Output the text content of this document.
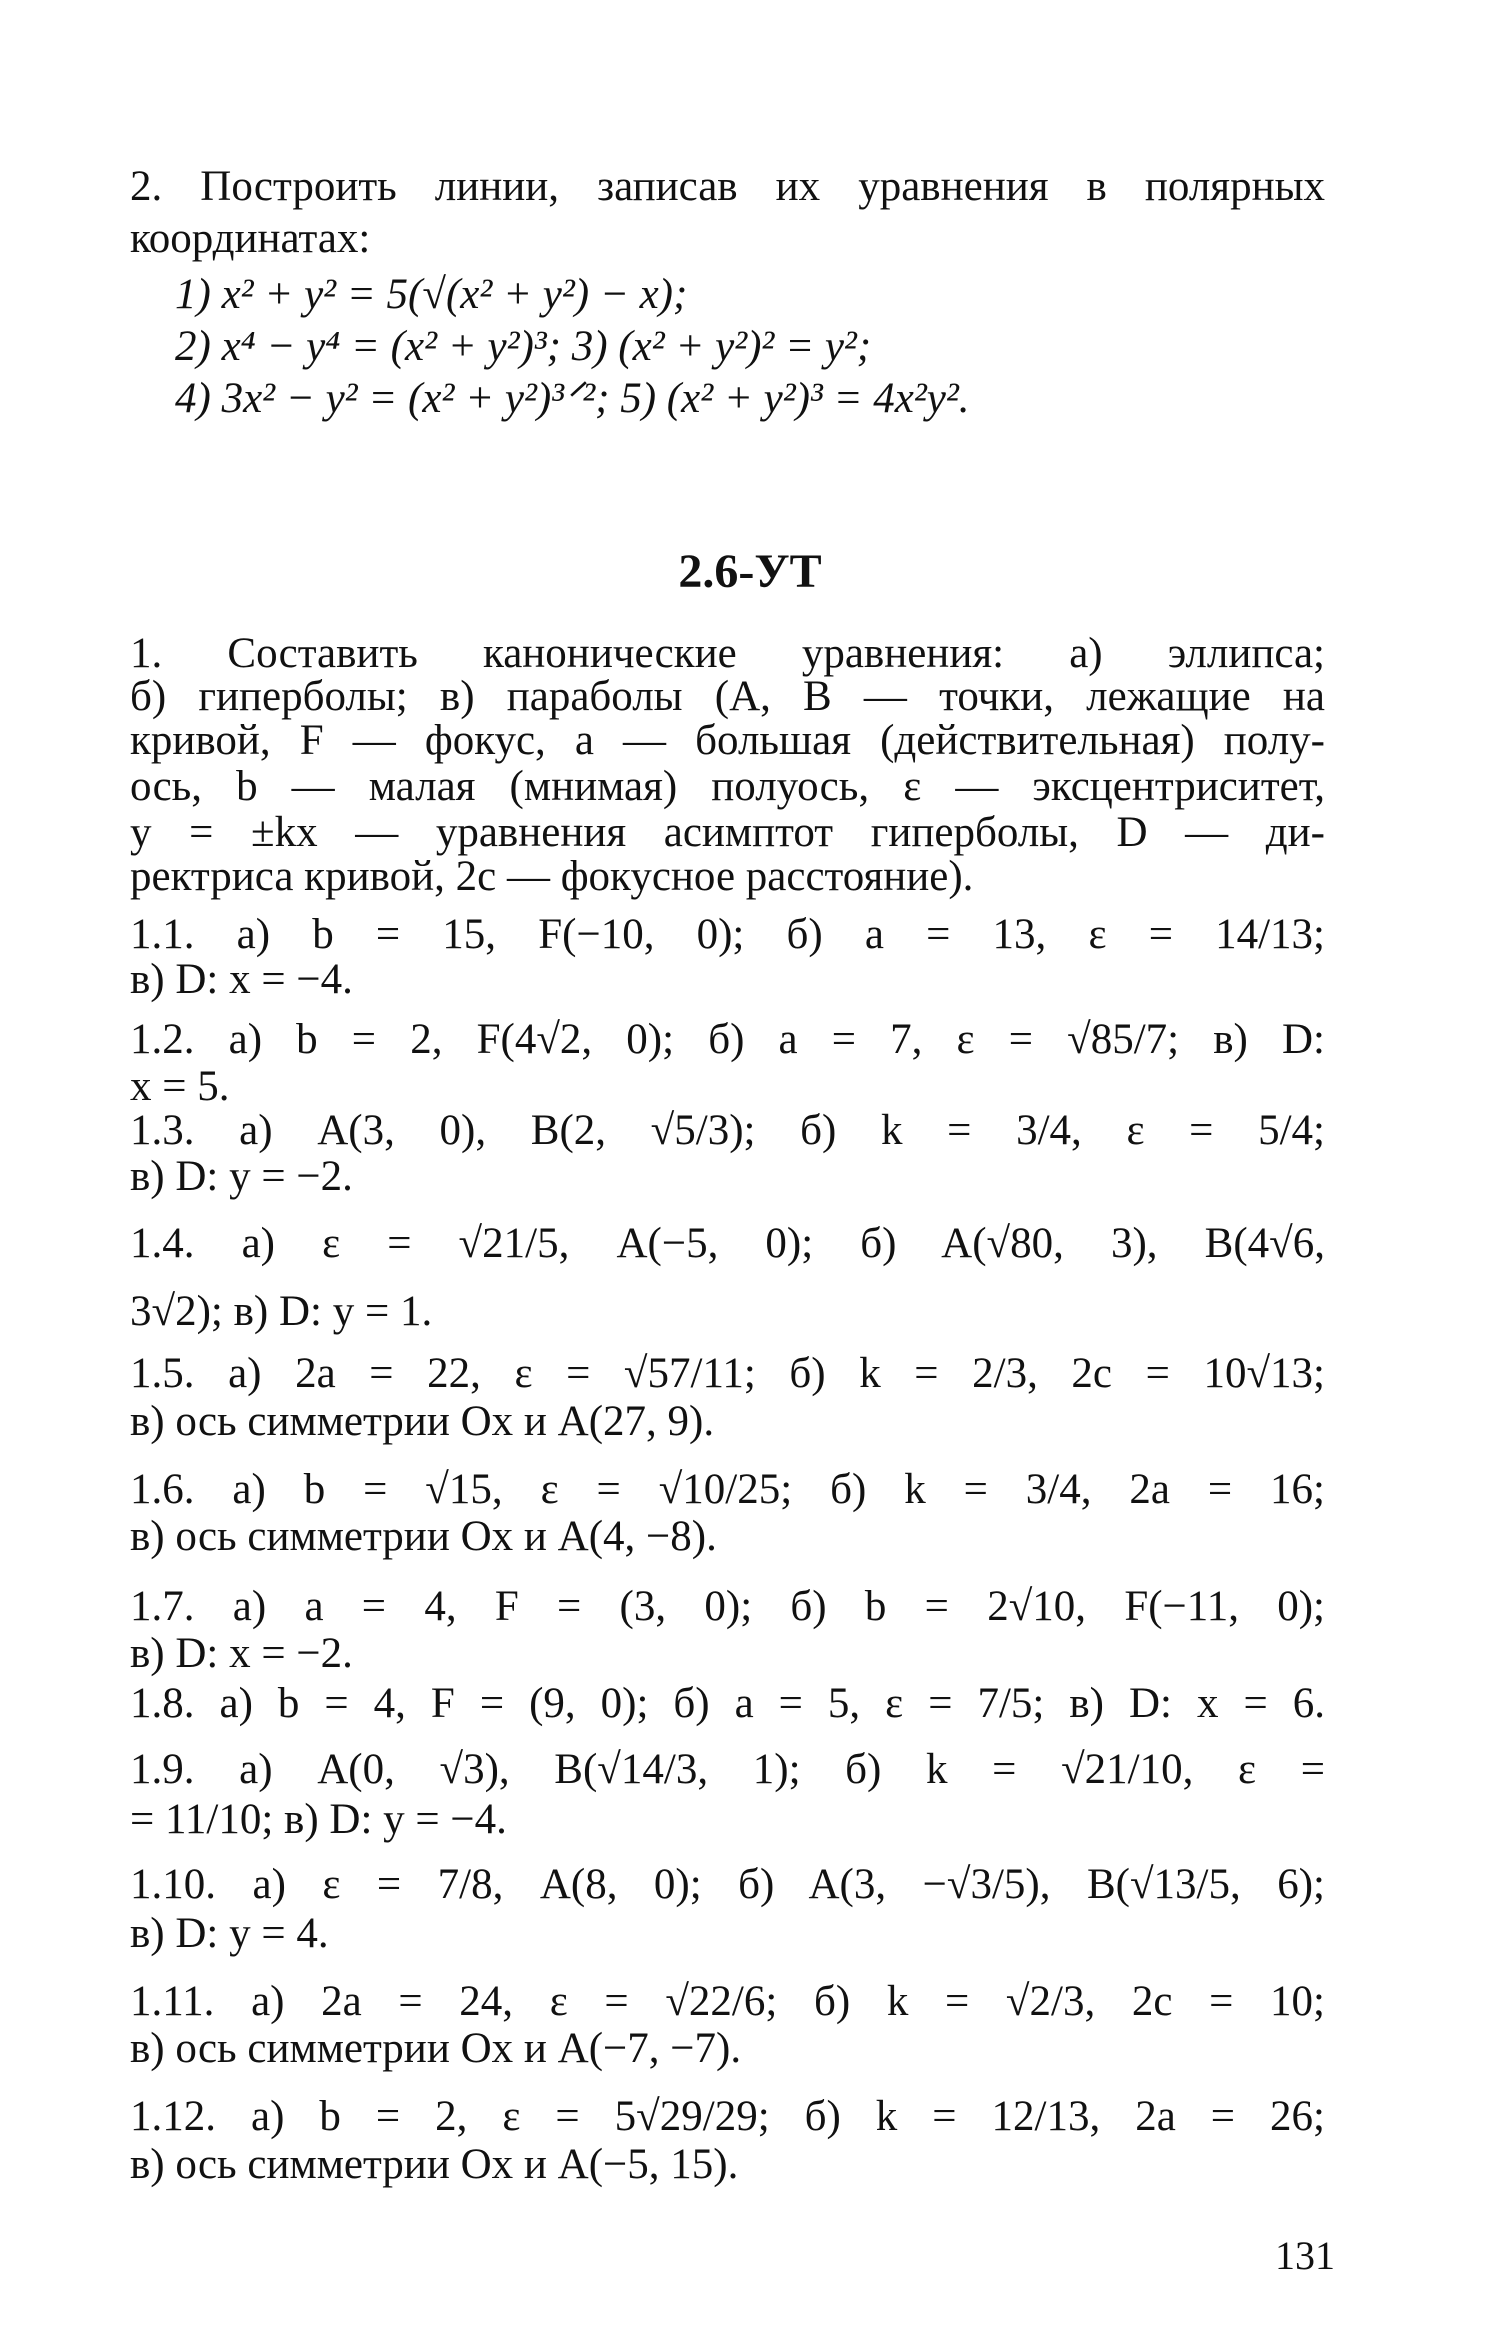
2. Построить линии, записав их уравнения в полярных
координатах:
1) x² + y² = 5(√(x² + y²) − x);
2) x⁴ − y⁴ = (x² + y²)³; 3) (x² + y²)² = y²;
4) 3x² − y² = (x² + y²)³ᐟ²; 5) (x² + y²)³ = 4x²y².
2.6-УТ
1. Составить канонические уравнения: а) эллипса;
б) гиперболы; в) параболы (A, B — точки, лежащие на
кривой, F — фокус, a — большая (действительная) полу-
ось, b — малая (мнимая) полуось, ε — эксцентриситет,
y = ±kx — уравнения асимптот гиперболы, D — ди-
ректриса кривой, 2c — фокусное расстояние).
1.1. а) b = 15, F(−10, 0); б) a = 13, ε = 14/13;
в) D: x = −4.
1.2. а) b = 2, F(4√2, 0); б) a = 7, ε = √85/7; в) D:
x = 5.
1.3. а) A(3, 0), B(2, √5/3); б) k = 3/4, ε = 5/4;
в) D: y = −2.
1.4. а) ε = √21/5, A(−5, 0); б) A(√80, 3), B(4√6,
3√2); в) D: y = 1.
1.5. а) 2a = 22, ε = √57/11; б) k = 2/3, 2c = 10√13;
в) ось симметрии Ox и A(27, 9).
1.6. а) b = √15, ε = √10/25; б) k = 3/4, 2a = 16;
в) ось симметрии Ox и A(4, −8).
1.7. а) a = 4, F = (3, 0); б) b = 2√10, F(−11, 0);
в) D: x = −2.
1.8. а) b = 4, F = (9, 0); б) a = 5, ε = 7/5; в) D: x = 6.
1.9. а) A(0, √3), B(√14/3, 1); б) k = √21/10, ε =
= 11/10; в) D: y = −4.
1.10. а) ε = 7/8, A(8, 0); б) A(3, −√3/5), B(√13/5, 6);
в) D: y = 4.
1.11. а) 2a = 24, ε = √22/6; б) k = √2/3, 2c = 10;
в) ось симметрии Ox и A(−7, −7).
1.12. а) b = 2, ε = 5√29/29; б) k = 12/13, 2a = 26;
в) ось симметрии Ox и A(−5, 15).
131
